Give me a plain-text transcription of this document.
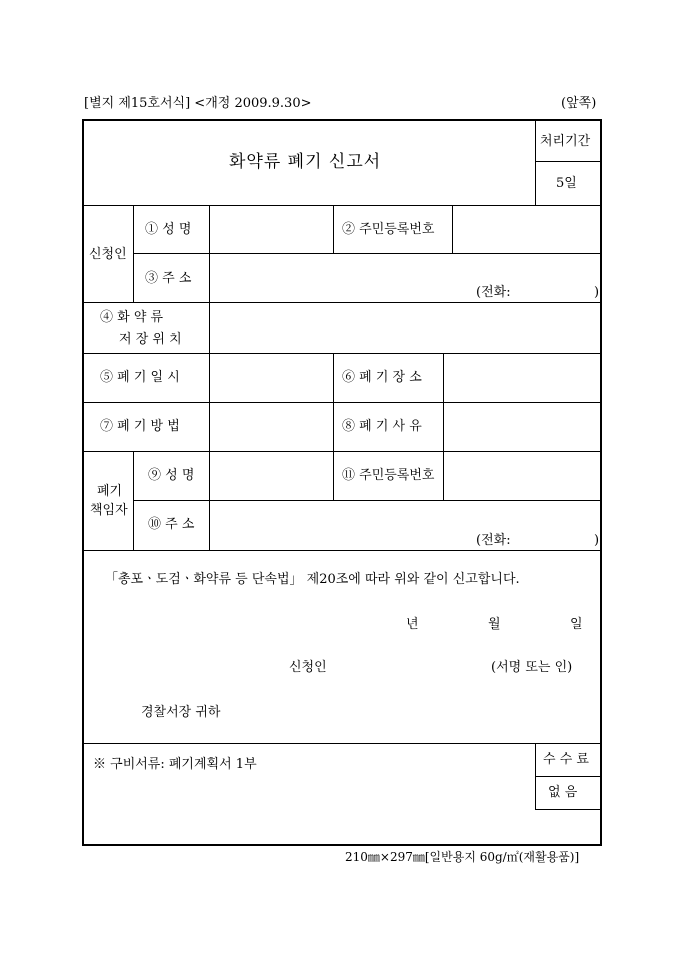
[별지 제15호서식] <개정 2009.9.30>	(앞쪽)
화약류 폐기 신고서
처리기간
5일
신청인
① 성 명	② 주민등록번호
③ 주 소
(전화:	)
④ 화 약 류
저 장 위 치
⑤ 폐 기 일 시	⑥ 폐 기 장 소
⑦ 폐 기 방 법	⑧ 폐 기 사 유
폐기
책임자
⑨ 성 명	⑪ 주민등록번호
⑩ 주 소
(전화:	)
「총포ㆍ도검ㆍ화약류 등 단속법」 제20조에 따라 위와 같이 신고합니다.
년	월	일
신청인	(서명 또는 인)
경찰서장 귀하
※ 구비서류: 폐기계획서 1부	수 수 료
없 음
210㎜×297㎜[일반용지 60g/㎡(재활용품)]
